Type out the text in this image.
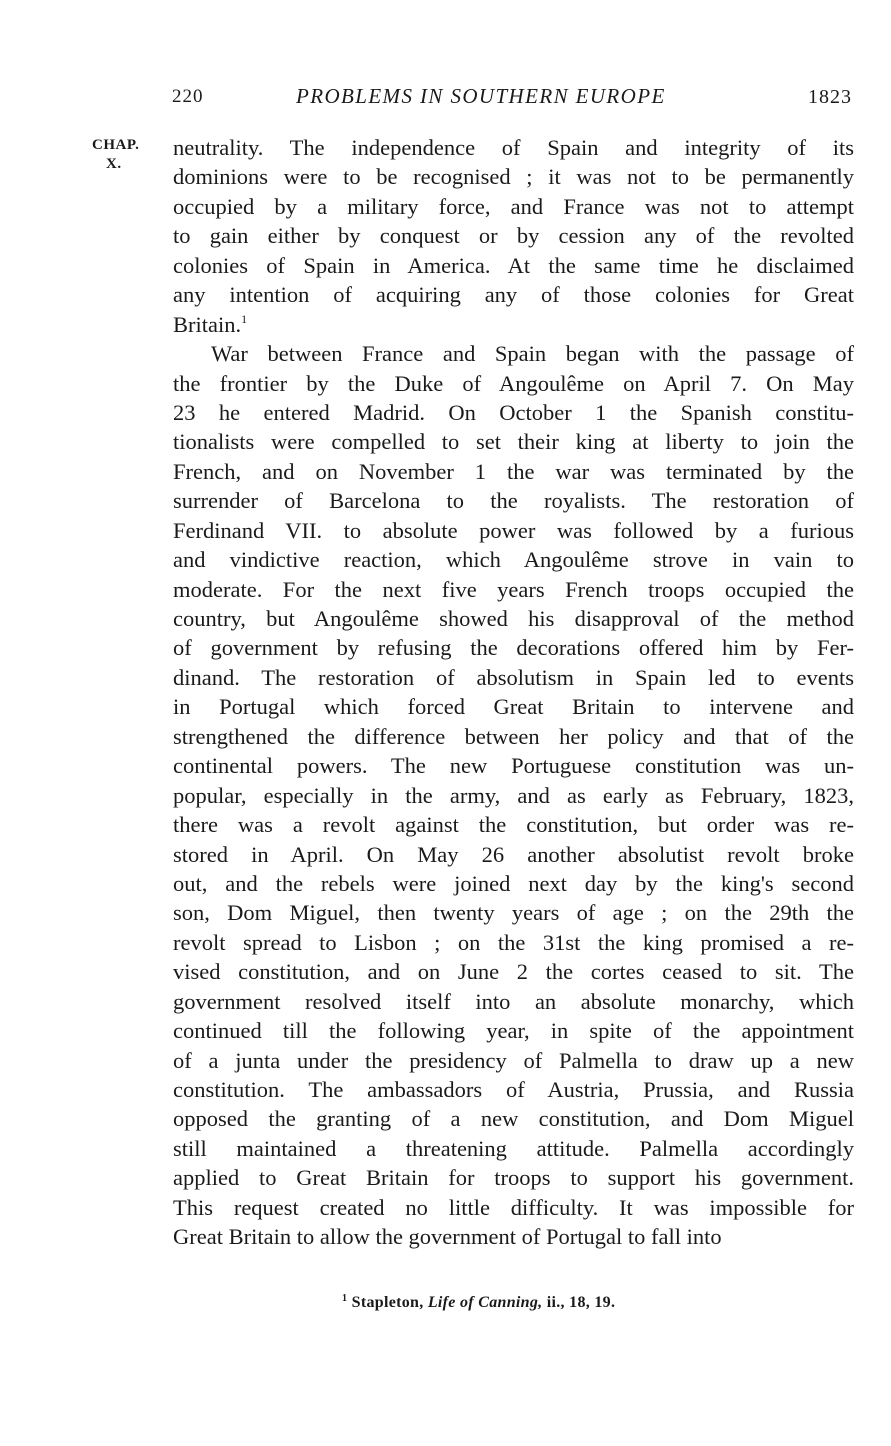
220	PROBLEMS IN SOUTHERN EUROPE	1823
CHAP.
X.
neutrality. The independence of Spain and integrity of its
dominions were to be recognised ; it was not to be permanently
occupied by a military force, and France was not to attempt
to gain either by conquest or by cession any of the revolted
colonies of Spain in America. At the same time he disclaimed
any intention of acquiring any of those colonies for Great
Britain.$^1$
War between France and Spain began with the passage of
the frontier by the Duke of Angoulême on April 7. On May
23 he entered Madrid. On October 1 the Spanish constitu-
tionalists were compelled to set their king at liberty to join the
French, and on November 1 the war was terminated by the
surrender of Barcelona to the royalists. The restoration of
Ferdinand VII. to absolute power was followed by a furious
and vindictive reaction, which Angoulême strove in vain to
moderate. For the next five years French troops occupied the
country, but Angoulême showed his disapproval of the method
of government by refusing the decorations offered him by Fer-
dinand. The restoration of absolutism in Spain led to events
in Portugal which forced Great Britain to intervene and
strengthened the difference between her policy and that of the
continental powers. The new Portuguese constitution was un-
popular, especially in the army, and as early as February, 1823,
there was a revolt against the constitution, but order was re-
stored in April. On May 26 another absolutist revolt broke
out, and the rebels were joined next day by the king's second
son, Dom Miguel, then twenty years of age ; on the 29th the
revolt spread to Lisbon ; on the 31st the king promised a re-
vised constitution, and on June 2 the cortes ceased to sit. The
government resolved itself into an absolute monarchy, which
continued till the following year, in spite of the appointment
of a junta under the presidency of Palmella to draw up a new
constitution. The ambassadors of Austria, Prussia, and Russia
opposed the granting of a new constitution, and Dom Miguel
still maintained a threatening attitude. Palmella accordingly
applied to Great Britain for troops to support his government.
This request created no little difficulty. It was impossible for
Great Britain to allow the government of Portugal to fall into
$^1$ Stapleton, Life of Canning, ii., 18, 19.
